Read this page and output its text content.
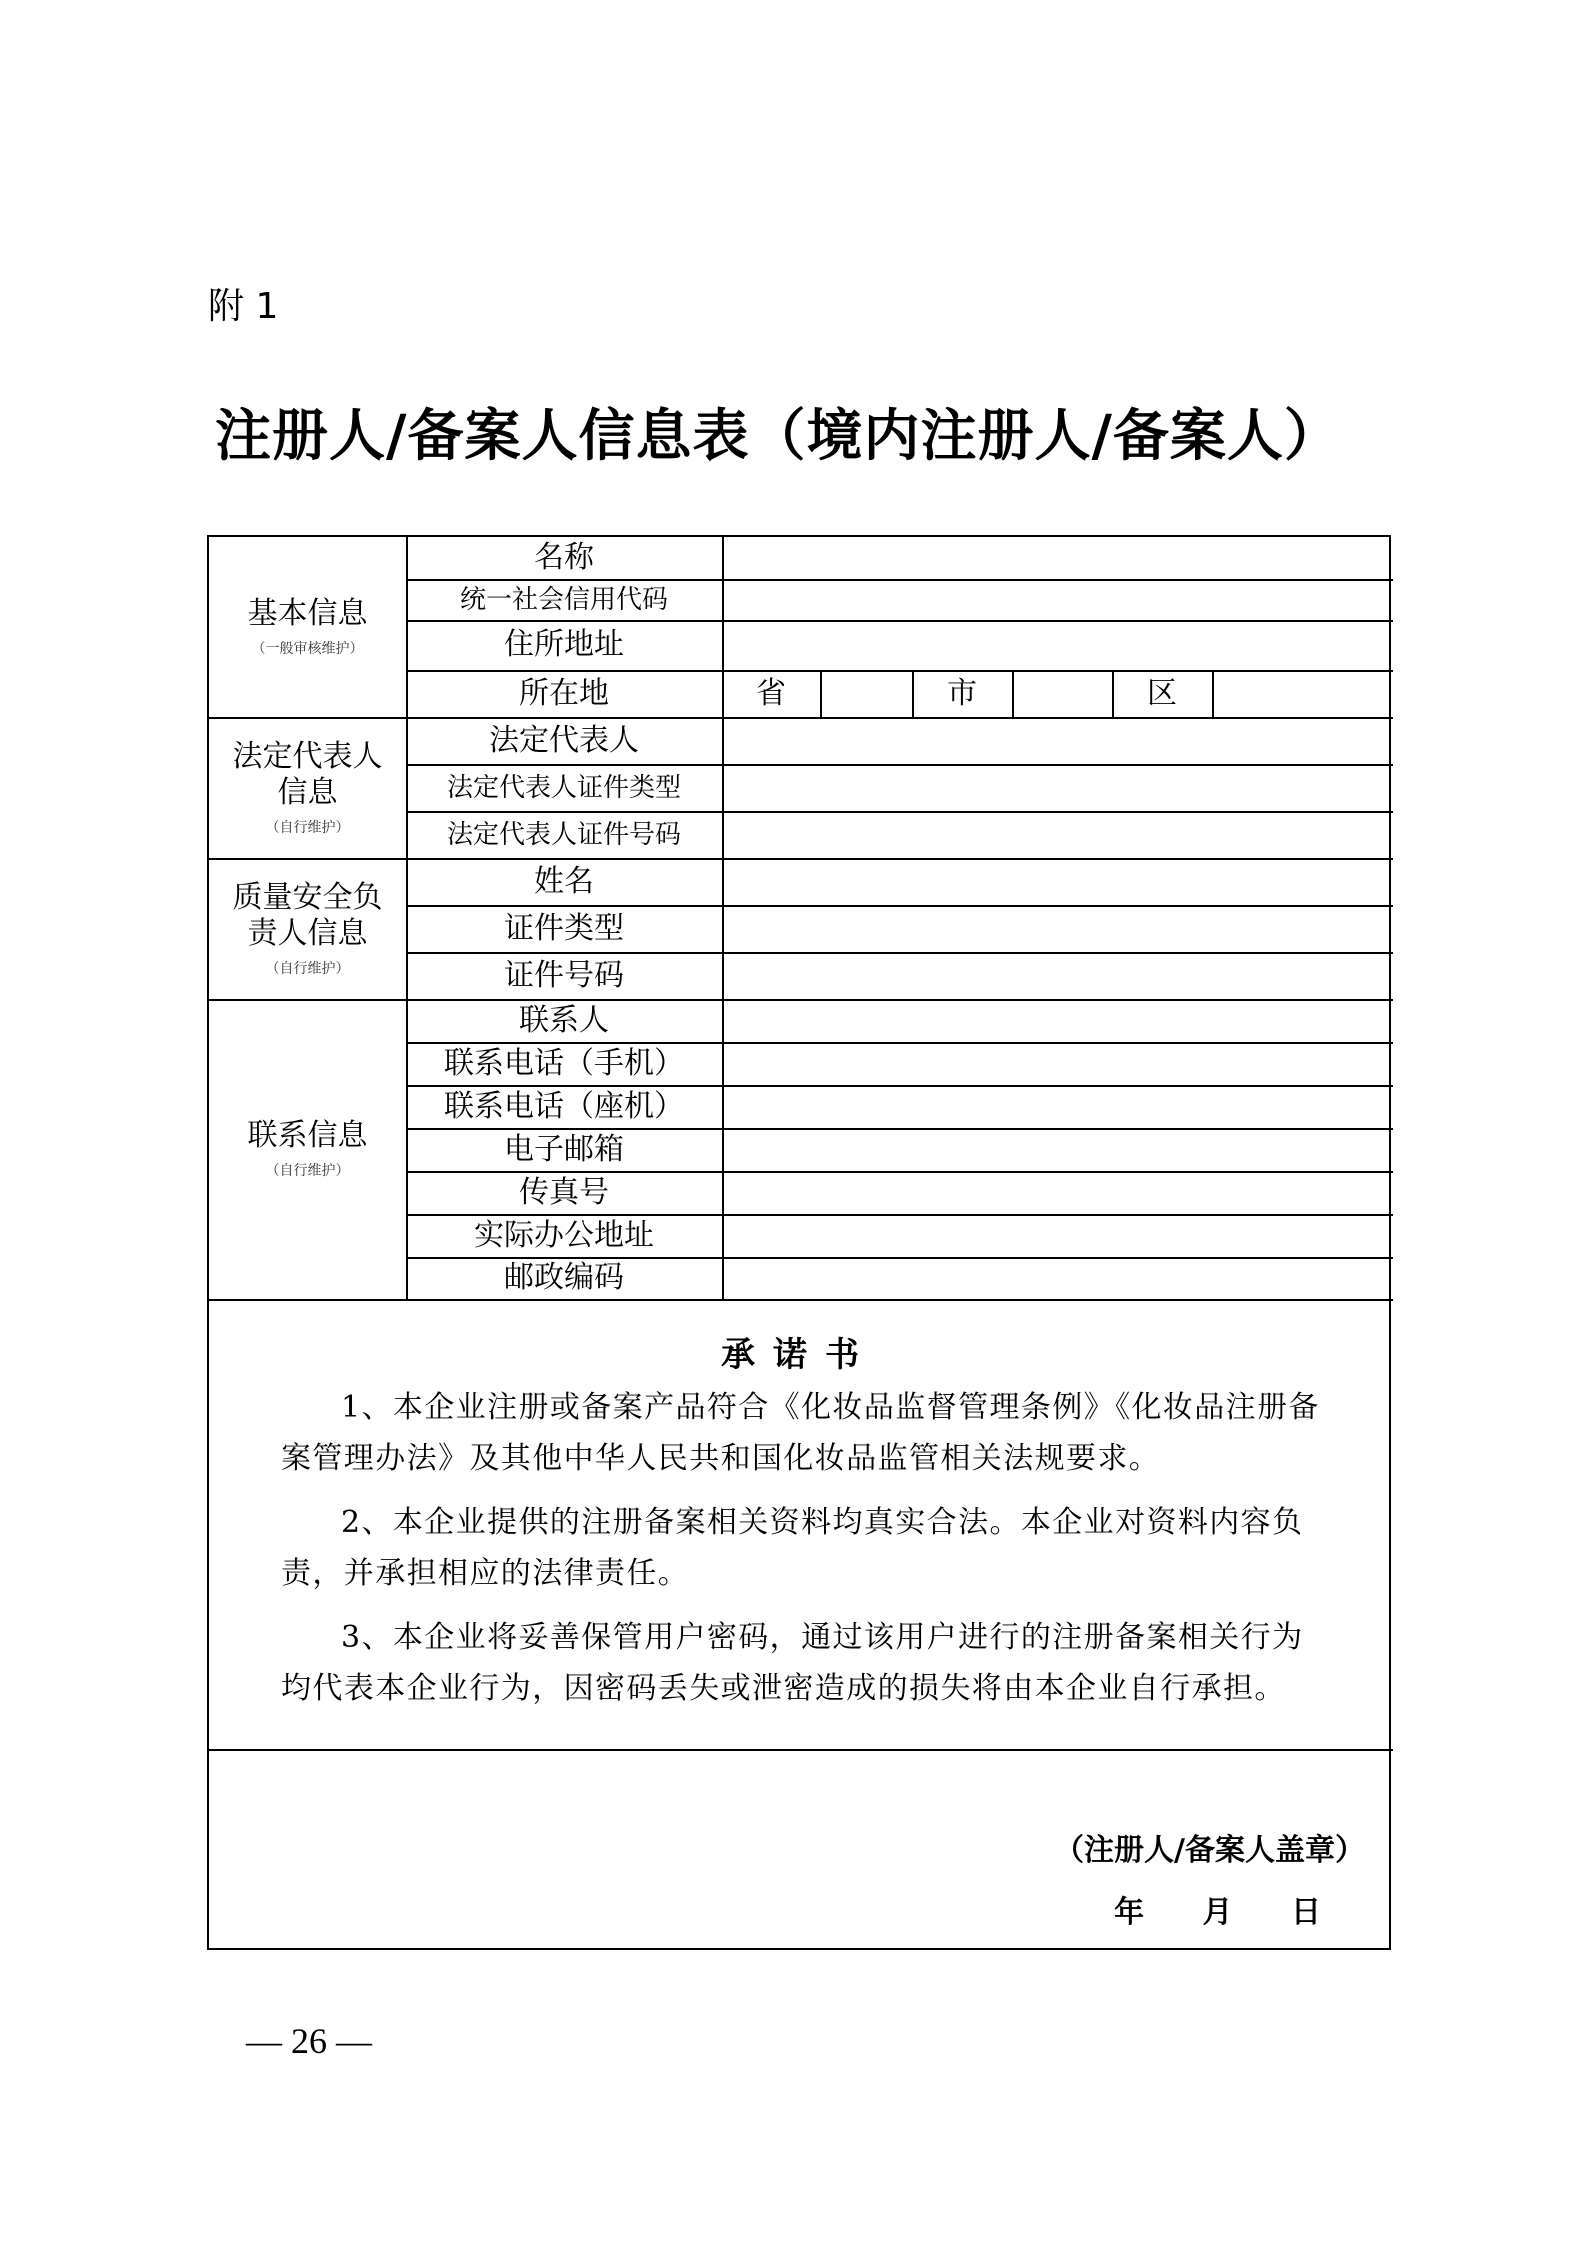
附 1
注册人/备案人信息表（境内注册人/备案人）
基本信息
（一般审核维护）
法定代表人信息
（自行维护）
质量安全负责人信息
（自行维护）
联系信息
（自行维护）
名称
统一社会信用代码
住所地址
所在地
法定代表人
法定代表人证件类型
法定代表人证件号码
姓名
证件类型
证件号码
联系人
联系电话（手机）
联系电话（座机）
电子邮箱
传真号
实际办公地址
邮政编码
省	市	区
承诺书

1、本企业注册或备案产品符合《化妆品监督管理条例》《化妆品注册备案管理办法》及其他中华人民共和国化妆品监管相关法规要求。

2、本企业提供的注册备案相关资料均真实合法。本企业对资料内容负责，并承担相应的法律责任。

3、本企业将妥善保管用户密码，通过该用户进行的注册备案相关行为均代表本企业行为，因密码丢失或泄密造成的损失将由本企业自行承担。

（注册人/备案人盖章）
年 月 日
— 26 —
